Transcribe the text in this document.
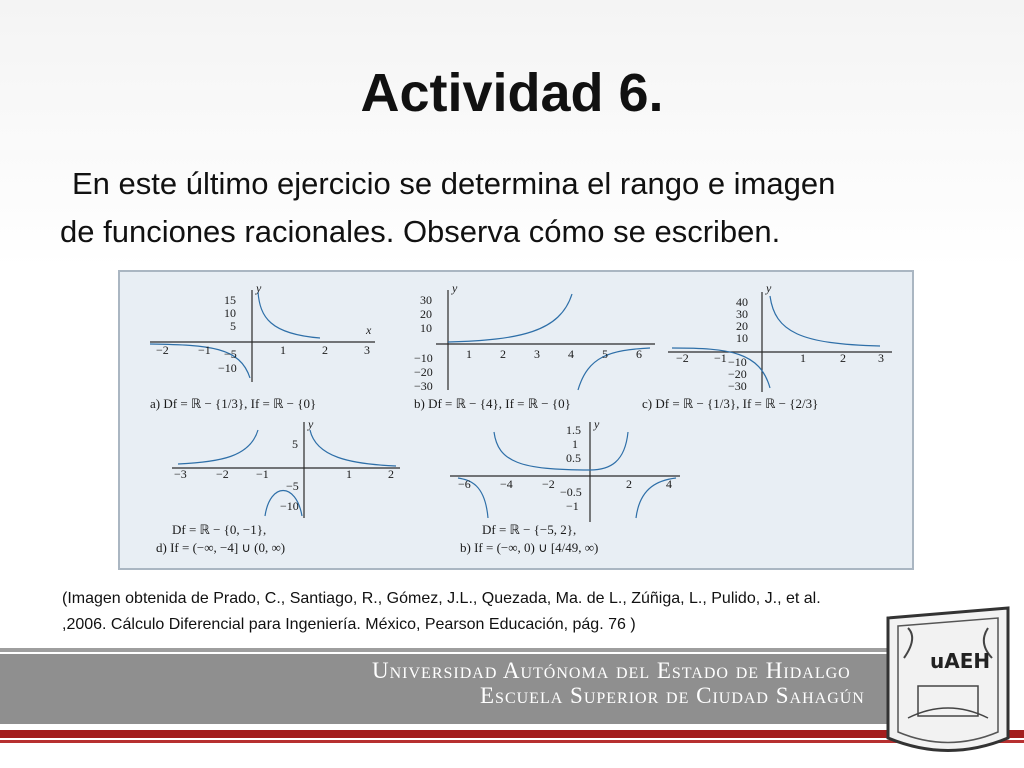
Actividad 6.

En este último ejercicio se determina el rango e imagen
de funciones racionales. Observa cómo se escriben.

−2 −1	1	2	3
15
10
5
−5
−10
y
x
a) Df = ℝ − {1/3}, If = ℝ − {0}
1 2 3 4 5 6
30
20
10
−10
−20
−30
y
b) Df = ℝ − {4}, If = ℝ − {0}
−2 −1	1	2	3
40
30
20
10
−10
−20
−30
y
c) Df = ℝ − {1/3}, If = ℝ − {2/3}
−3 −2 −1	1	2
5
−5
−10
y
Df = ℝ − {0, −1},
d) If = (−∞, −4] ∪ (0, ∞)
−6 −4 −2	2	4
1.5
1
0.5
−0.5
−1
y
Df = ℝ − {−5, 2},
b) If = (−∞, 0) ∪ [4/49, ∞)

(Imagen obtenida de Prado, C., Santiago, R., Gómez, J.L., Quezada, Ma. de L., Zúñiga, L., Pulido, J., et al.
,2006. Cálculo Diferencial para Ingeniería. México, Pearson Educación, pág. 76 )

Universidad Autónoma del Estado de Hidalgo
Escuela Superior de Ciudad Sahagún
uAEH
